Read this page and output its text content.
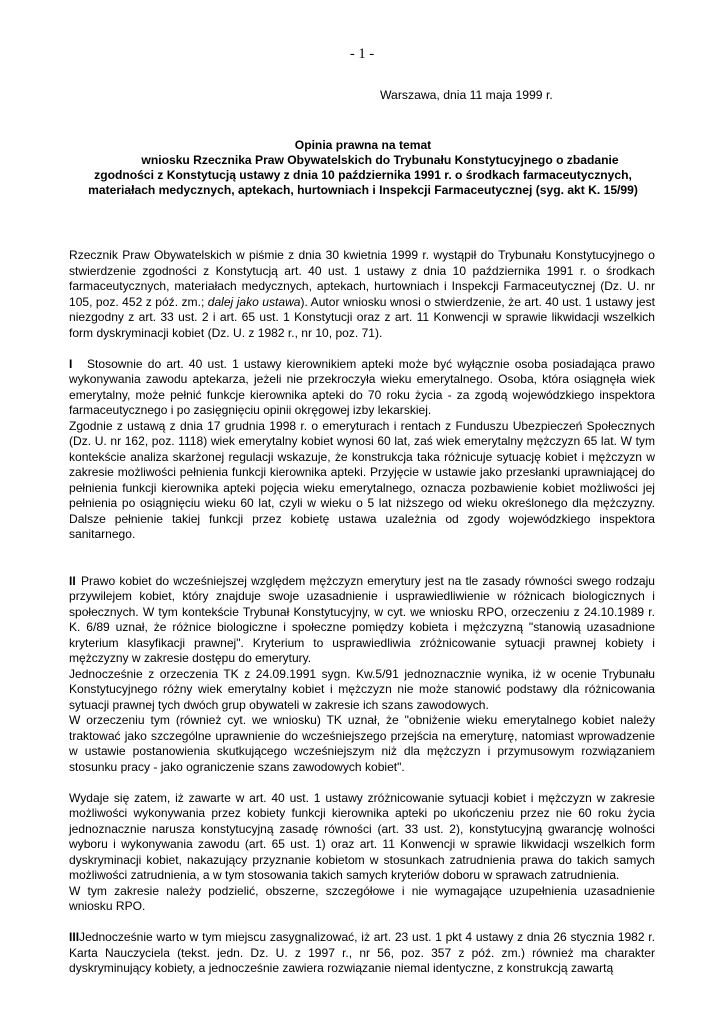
- 1 -
Warszawa, dnia 11 maja 1999 r.
Opinia prawna na temat
wniosku Rzecznika Praw Obywatelskich do Trybunału Konstytucyjnego o zbadanie
zgodności z Konstytucją ustawy z dnia 10 października 1991 r. o środkach farmaceutycznych,
materiałach medycznych, aptekach, hurtowniach i Inspekcji Farmaceutycznej (syg. akt K. 15/99)

Rzecznik Praw Obywatelskich w piśmie z dnia 30 kwietnia 1999 r. wystąpił do Trybunału Konstytucyjnego o stwierdzenie zgodności z Konstytucją art. 40 ust. 1 ustawy z dnia 10 października 1991 r. o środkach farmaceutycznych, materiałach medycznych, aptekach, hurtowniach i Inspekcji Farmaceutycznej (Dz. U. nr 105, poz. 452 z póź. zm.; dalej jako ustawa). Autor wniosku wnosi o stwierdzenie, że art. 40 ust. 1 ustawy jest niezgodny z art. 33 ust. 2 i art. 65 ust. 1 Konstytucji oraz z art. 11 Konwencji w sprawie likwidacji wszelkich form dyskryminacji kobiet (Dz. U. z 1982 r., nr 10, poz. 71).

I Stosownie do art. 40 ust. 1 ustawy kierownikiem apteki może być wyłącznie osoba posiadająca prawo wykonywania zawodu aptekarza, jeżeli nie przekroczyła wieku emerytalnego. Osoba, która osiągnęła wiek emerytalny, może pełnić funkcje kierownika apteki do 70 roku życia - za zgodą wojewódzkiego inspektora farmaceutycznego i po zasięgnięciu opinii okręgowej izby lekarskiej.

Zgodnie z ustawą z dnia 17 grudnia 1998 r. o emeryturach i rentach z Funduszu Ubezpieczeń Społecznych (Dz. U. nr 162, poz. 1118) wiek emerytalny kobiet wynosi 60 lat, zaś wiek emerytalny mężczyzn 65 lat. W tym kontekście analiza skarżonej regulacji wskazuje, że konstrukcja taka różnicuje sytuację kobiet i mężczyzn w zakresie możliwości pełnienia funkcji kierownika apteki. Przyjęcie w ustawie jako przesłanki uprawniającej do pełnienia funkcji kierownika apteki pojęcia wieku emerytalnego, oznacza pozbawienie kobiet możliwości jej pełnienia po osiągnięciu wieku 60 lat, czyli w wieku o 5 lat niższego od wieku określonego dla mężczyzny. Dalsze pełnienie takiej funkcji przez kobietę ustawa uzależnia od zgody wojewódzkiego inspektora sanitarnego.

II Prawo kobiet do wcześniejszej względem mężczyzn emerytury jest na tle zasady równości swego rodzaju przywilejem kobiet, który znajduje swoje uzasadnienie i usprawiedliwienie w różnicach biologicznych i społecznych. W tym kontekście Trybunał Konstytucyjny, w cyt. we wniosku RPO, orzeczeniu z 24.10.1989 r. K. 6/89 uznał, że różnice biologiczne i społeczne pomiędzy kobieta i mężczyzną "stanowią uzasadnione kryterium klasyfikacji prawnej". Kryterium to usprawiedliwia zróżnicowanie sytuacji prawnej kobiety i mężczyzny w zakresie dostępu do emerytury.

Jednocześnie z orzeczenia TK z 24.09.1991 sygn. Kw.5/91 jednoznacznie wynika, iż w ocenie Trybunału Konstytucyjnego różny wiek emerytalny kobiet i mężczyzn nie może stanowić podstawy dla różnicowania sytuacji prawnej tych dwóch grup obywateli w zakresie ich szans zawodowych.

W orzeczeniu tym (również cyt. we wniosku) TK uznał, że "obniżenie wieku emerytalnego kobiet należy traktować jako szczególne uprawnienie do wcześniejszego przejścia na emeryturę, natomiast wprowadzenie w ustawie postanowienia skutkującego wcześniejszym niż dla mężczyzn i przymusowym rozwiązaniem stosunku pracy - jako ograniczenie szans zawodowych kobiet".

Wydaje się zatem, iż zawarte w art. 40 ust. 1 ustawy zróżnicowanie sytuacji kobiet i mężczyzn w zakresie możliwości wykonywania przez kobiety funkcji kierownika apteki po ukończeniu przez nie 60 roku życia jednoznacznie narusza konstytucyjną zasadę równości (art. 33 ust. 2), konstytucyjną gwarancję wolności wyboru i wykonywania zawodu (art. 65 ust. 1) oraz art. 11 Konwencji w sprawie likwidacji wszelkich form dyskryminacji kobiet, nakazujący przyznanie kobietom w stosunkach zatrudnienia prawa do takich samych możliwości zatrudnienia, a w tym stosowania takich samych kryteriów doboru w sprawach zatrudnienia.

W tym zakresie należy podzielić, obszerne, szczegółowe i nie wymagające uzupełnienia uzasadnienie wniosku RPO.

IIIJednocześnie warto w tym miejscu zasygnalizować, iż art. 23 ust. 1 pkt 4 ustawy z dnia 26 stycznia 1982 r. Karta Nauczyciela (tekst. jedn. Dz. U. z 1997 r., nr 56, poz. 357 z póź. zm.) również ma charakter dyskryminujący kobiety, a jednocześnie zawiera rozwiązanie niemal identyczne, z konstrukcją zawartą
